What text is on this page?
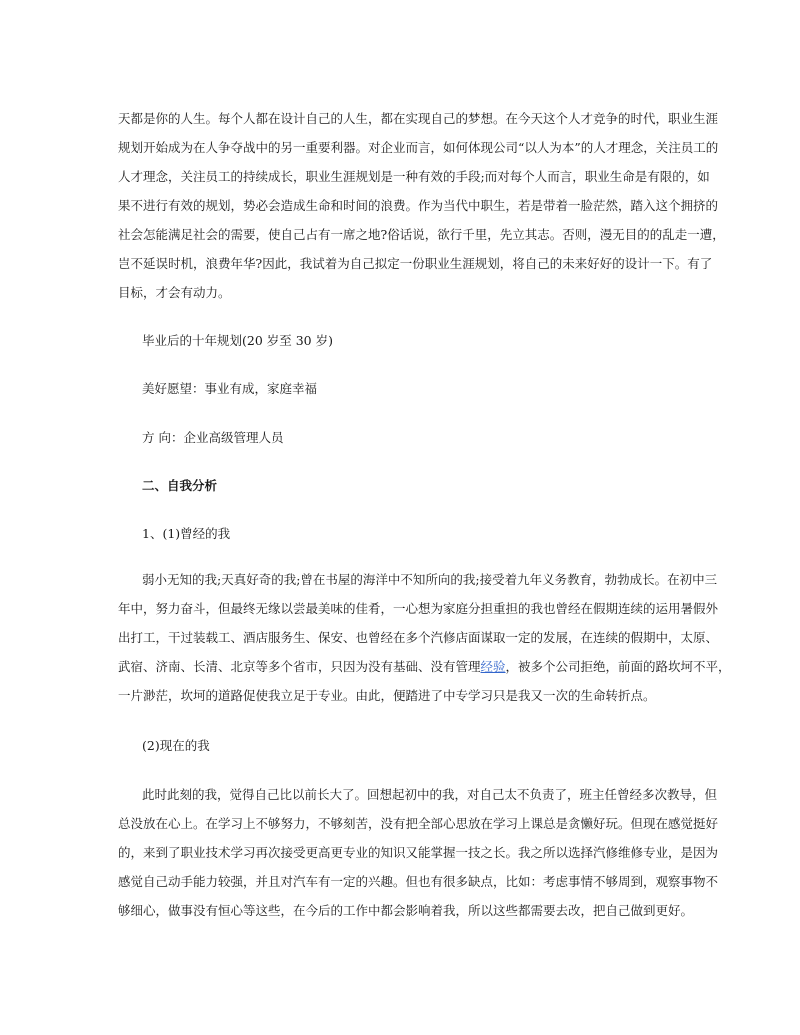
天都是你的人生。每个人都在设计自己的人生，都在实现自己的梦想。在今天这个人才竞争的时代，职业生涯
规划开始成为在人争夺战中的另一重要利器。对企业而言，如何体现公司“以人为本”的人才理念，关注员工的
人才理念，关注员工的持续成长，职业生涯规划是一种有效的手段;而对每个人而言，职业生命是有限的，如
果不进行有效的规划，势必会造成生命和时间的浪费。作为当代中职生，若是带着一脸茫然，踏入这个拥挤的
社会怎能满足社会的需要，使自己占有一席之地?俗话说，欲行千里，先立其志。否则，漫无目的的乱走一遭，
岂不延误时机，浪费年华?因此，我试着为自己拟定一份职业生涯规划，将自己的未来好好的设计一下。有了
目标，才会有动力。

毕业后的十年规划(20 岁至 30 岁)

美好愿望：事业有成，家庭幸福

方 向：企业高级管理人员

二、自我分析

1、(1)曾经的我

弱小无知的我;天真好奇的我;曾在书屋的海洋中不知所向的我;接受着九年义务教育，勃勃成长。在初中三
年中，努力奋斗，但最终无缘以尝最美味的佳肴，一心想为家庭分担重担的我也曾经在假期连续的运用暑假外
出打工，干过装载工、酒店服务生、保安、也曾经在多个汽修店面谋取一定的发展，在连续的假期中，太原、
武宿、济南、长清、北京等多个省市，只因为没有基础、没有管理经验，被多个公司拒绝，前面的路坎坷不平，
一片渺茫，坎坷的道路促使我立足于专业。由此，便踏进了中专学习只是我又一次的生命转折点。

(2)现在的我

此时此刻的我，觉得自己比以前长大了。回想起初中的我，对自己太不负责了，班主任曾经多次教导，但
总没放在心上。在学习上不够努力，不够刻苦，没有把全部心思放在学习上课总是贪懒好玩。但现在感觉挺好
的，来到了职业技术学习再次接受更高更专业的知识又能掌握一技之长。我之所以选择汽修维修专业，是因为
感觉自己动手能力较强，并且对汽车有一定的兴趣。但也有很多缺点，比如：考虑事情不够周到，观察事物不
够细心，做事没有恒心等这些，在今后的工作中都会影响着我，所以这些都需要去改，把自己做到更好。
